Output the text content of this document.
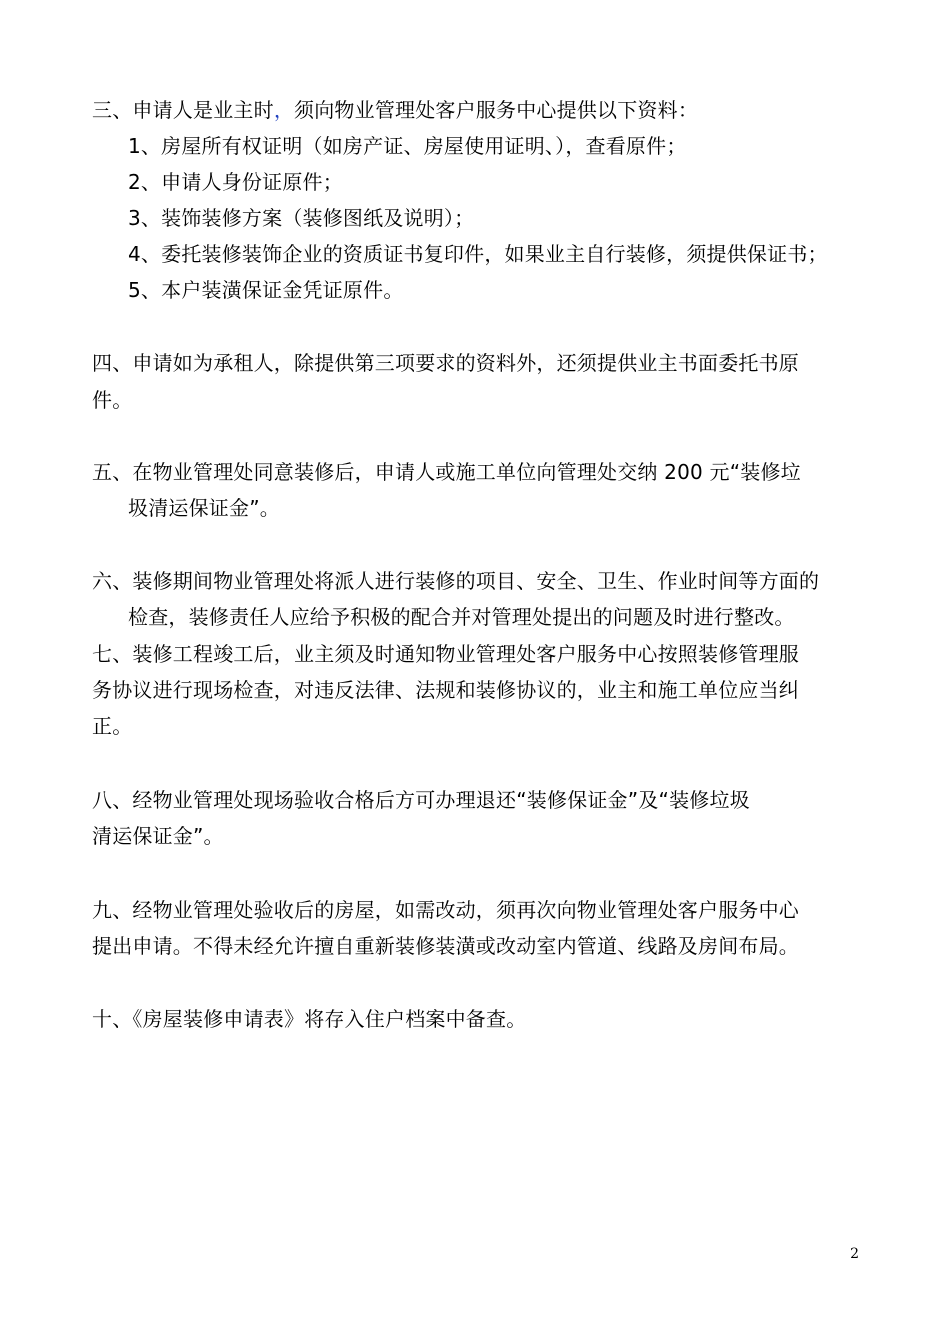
三、申请人是业主时，须向物业管理处客户服务中心提供以下资料：
1、房屋所有权证明（如房产证、房屋使用证明、），查看原件；
2、申请人身份证原件；
3、装饰装修方案（装修图纸及说明）；
4、委托装修装饰企业的资质证书复印件，如果业主自行装修，须提供保证书；
5、本户装潢保证金凭证原件。
四、申请如为承租人，除提供第三项要求的资料外，还须提供业主书面委托书原
件。
五、在物业管理处同意装修后，申请人或施工单位向管理处交纳 200 元“装修垃
圾清运保证金”。
六、装修期间物业管理处将派人进行装修的项目、安全、卫生、作业时间等方面的
检查，装修责任人应给予积极的配合并对管理处提出的问题及时进行整改。
七、装修工程竣工后，业主须及时通知物业管理处客户服务中心按照装修管理服
务协议进行现场检查，对违反法律、法规和装修协议的，业主和施工单位应当纠
正。
八、经物业管理处现场验收合格后方可办理退还“装修保证金”及“装修垃圾
清运保证金”。
九、经物业管理处验收后的房屋，如需改动，须再次向物业管理处客户服务中心
提出申请。不得未经允许擅自重新装修装潢或改动室内管道、线路及房间布局。
十、《房屋装修申请表》将存入住户档案中备查。
2
